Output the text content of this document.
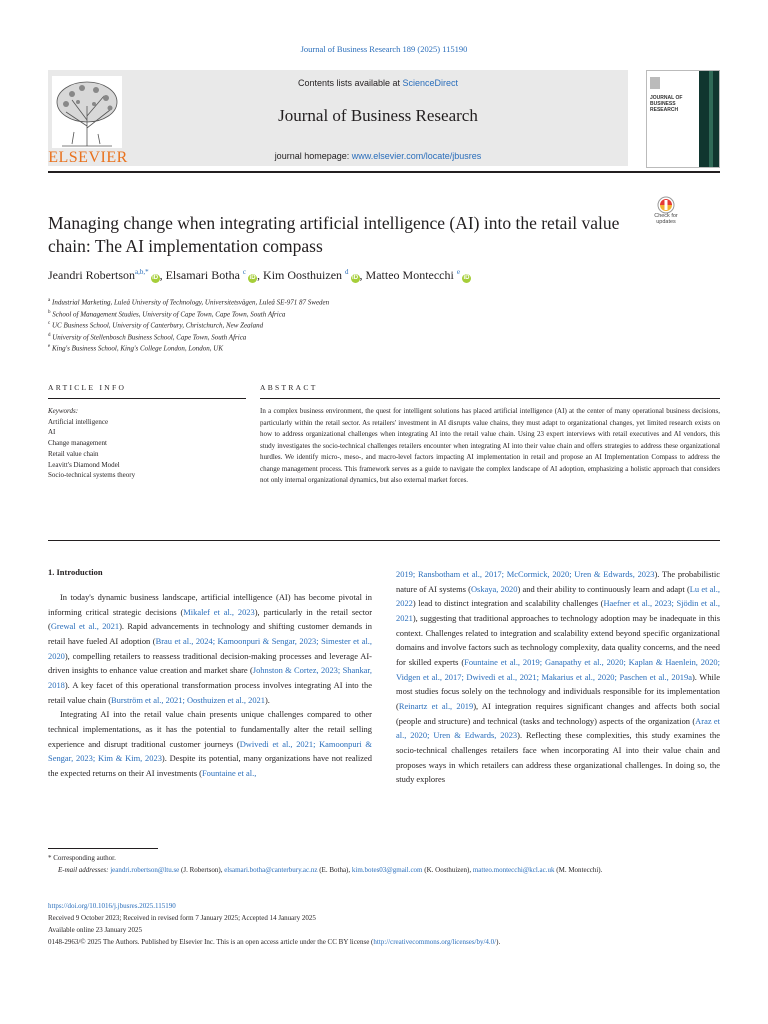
Journal of Business Research 189 (2025) 115190
ELSEVIER
Contents lists available at ScienceDirect
Journal of Business Research
journal homepage: www.elsevier.com/locate/jbusres
JOURNAL OF BUSINESS RESEARCH
Managing change when integrating artificial intelligence (AI) into the retail value chain: The AI implementation compass
Check for updates
Jeandri Robertson$^{a,b,*}$iD , Elsamari Botha $^c$iD , Kim Oosthuizen $^d$iD , Matteo Montecchi $^e$iD
$^a$ Industrial Marketing, Luleå University of Technology, Universitetsvägen, Luleå SE-971 87 Sweden
$^b$ School of Management Studies, University of Cape Town, Cape Town, South Africa
$^c$ UC Business School, University of Canterbury, Christchurch, New Zealand
$^d$ University of Stellenbosch Business School, Cape Town, South Africa
$^e$ King's Business School, King's College London, London, UK
ARTICLE INFO	ABSTRACT
Keywords:
Artificial intelligence
AI
Change management
Retail value chain
Leavitt's Diamond Model
Socio-technical systems theory
In a complex business environment, the quest for intelligent solutions has placed artificial intelligence (AI) at the center of many operational business decisions, particularly within the retail sector. As retailers' investment in AI disrupts value chains, they must adapt to organizational changes, yet limited research exists on how to address organizational challenges when integrating AI into the retail value chain. Using 23 expert interviews with retail executives and AI vendors, this study investigates the socio-technical challenges retailers encounter when integrating AI into their value chain and offers strategies to address these organizational hurdles. We identify micro-, meso-, and macro-level factors impacting AI implementation in retail and propose an AI Implementation Compass to address the change management process. This framework serves as a guide to navigate the complex landscape of AI adoption, emphasizing a holistic approach that considers not only internal organizational dynamics, but also external market forces.
1. Introduction

In today's dynamic business landscape, artificial intelligence (AI) has become pivotal in informing critical strategic decisions (Mikalef et al., 2023), particularly in the retail sector (Grewal et al., 2021). Rapid advancements in technology and shifting customer demands in retail have fueled AI adoption (Brau et al., 2024; Kamoonpuri & Sengar, 2023; Simester et al., 2020), compelling retailers to reassess traditional decision-making processes and leverage AI-driven insights to enhance value creation and market share (Johnston & Cortez, 2023; Shankar, 2018). A key facet of this operational transformation process involves integrating AI into the retail value chain (Burström et al., 2021; Oosthuizen et al., 2021).

Integrating AI into the retail value chain presents unique challenges compared to other technical implementations, as it has the potential to fundamentally alter the retail selling experience and disrupt traditional customer journeys (Dwivedi et al., 2021; Kamoonpuri & Sengar, 2023; Kim & Kim, 2023). Despite its potential, many organizations have not realized the expected returns on their AI investments (Fountaine et al.,

2019; Ransbotham et al., 2017; McCormick, 2020; Uren & Edwards, 2023). The probabilistic nature of AI systems (Oskaya, 2020) and their ability to continuously learn and adapt (Lu et al., 2022) lead to distinct integration and scalability challenges (Haefner et al., 2023; Sjödin et al., 2021), suggesting that traditional approaches to technology adoption may be inadequate in this context. Challenges related to integration and scalability extend beyond specific organizational domains and involve factors such as technology complexity, data quality concerns, and the need for skilled experts (Fountaine et al., 2019; Ganapathy et al., 2020; Kaplan & Haenlein, 2020; Vidgen et al., 2017; Dwivedi et al., 2021; Makarius et al., 2020; Paschen et al., 2019a). While most studies focus solely on the technology and individuals responsible for its implementation (Reinartz et al., 2019), AI integration requires significant changes and affects both social (people and structure) and technical (tasks and technology) aspects of the organization (Araz et al., 2020; Uren & Edwards, 2023). Reflecting these complexities, this study examines the socio-technical challenges retailers face when incorporating AI into their value chain and proposes ways in which retailers can address these organizational challenges. In doing so, the study explores

* Corresponding author.
E-mail addresses: jeandri.robertson@ltu.se (J. Robertson), elsamari.botha@canterbury.ac.nz (E. Botha), kim.botes03@gmail.com (K. Oosthuizen), matteo.montecchi@kcl.ac.uk (M. Montecchi).
https://doi.org/10.1016/j.jbusres.2025.115190
Received 9 October 2023; Received in revised form 7 January 2025; Accepted 14 January 2025
Available online 23 January 2025
0148-2963/© 2025 The Authors. Published by Elsevier Inc. This is an open access article under the CC BY license (http://creativecommons.org/licenses/by/4.0/).
